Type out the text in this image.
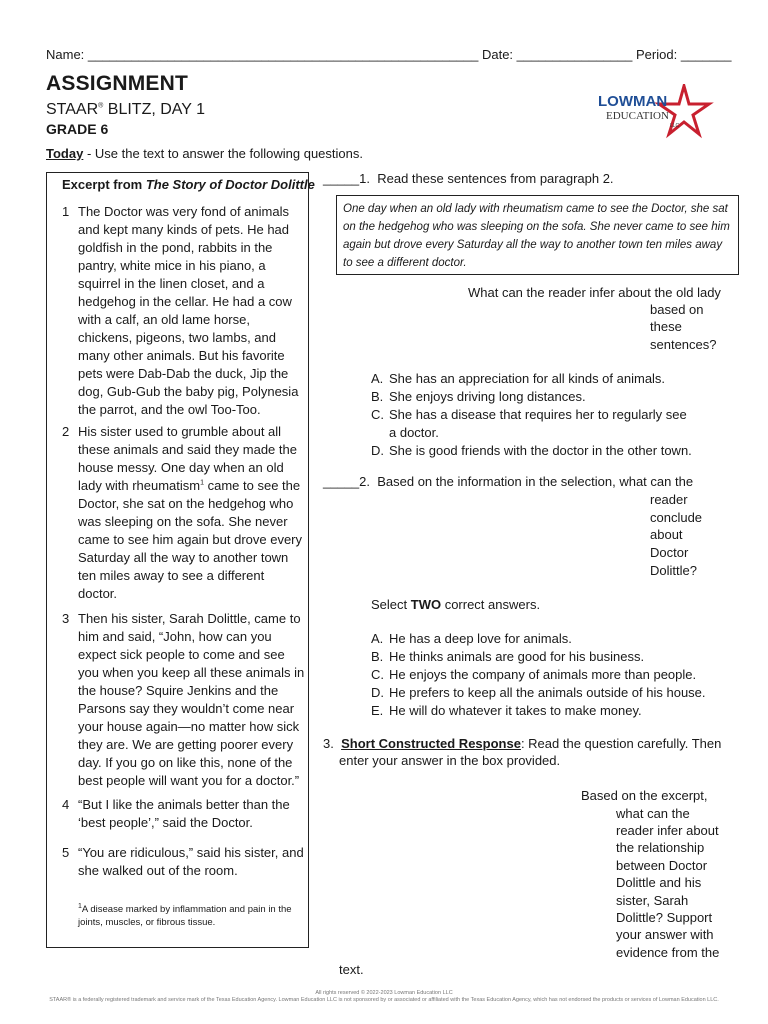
Name: ______________________________________________________ Date: ________________ Period: _______
ASSIGNMENT
STAAR® BLITZ, DAY 1
GRADE 6
Today - Use the text to answer the following questions.
LOWMAN
EDUCATION
LLC
Excerpt from The Story of Doctor Dolittle
1 The Doctor was very fond of animals and kept many kinds of pets. He had goldfish in the pond, rabbits in the pantry, white mice in his piano, a squirrel in the linen closet, and a hedgehog in the cellar. He had a cow with a calf, an old lame horse, chickens, pigeons, two lambs, and many other animals. But his favorite pets were Dab-Dab the duck, Jip the dog, Gub-Gub the baby pig, Polynesia the parrot, and the owl Too-Too.
2 His sister used to grumble about all these animals and said they made the house messy. One day when an old lady with rheumatism$^1$ came to see the Doctor, she sat on the hedgehog who was sleeping on the sofa. She never came to see him again but drove every Saturday all the way to another town ten miles away to see a different doctor.
3 Then his sister, Sarah Dolittle, came to him and said, “John, how can you expect sick people to come and see you when you keep all these animals in the house? Squire Jenkins and the Parsons say they wouldn’t come near your house again—no matter how sick they are. We are getting poorer every day. If you go on like this, none of the best people will want you for a doctor.”
4 “But I like the animals better than the ‘best people’,” said the Doctor.
5 “You are ridiculous,” said his sister, and she walked out of the room.
$^1$A disease marked by inflammation and pain in the joints, muscles, or fibrous tissue.
_____1. Read these sentences from paragraph 2.
One day when an old lady with rheumatism came to see the Doctor, she sat on the hedgehog who was sleeping on the sofa. She never came to see him again but drove every Saturday all the way to another town ten miles away to see a different doctor.
What can the reader infer about the old lady
based on
these
sentences?
A. She has an appreciation for all kinds of animals.
B. She enjoys driving long distances.
C. She has a disease that requires her to regularly see a doctor.
D. She is good friends with the doctor in the other town.
_____2. Based on the information in the selection, what can the
reader
conclude
about
Doctor
Dolittle?
Select TWO correct answers.
A. He has a deep love for animals.
B. He thinks animals are good for his business.
C. He enjoys the company of animals more than people.
D. He prefers to keep all the animals outside of his house.
E. He will do whatever it takes to make money.
3. Short Constructed Response: Read the question carefully. Then
enter your answer in the box provided.
Based on the excerpt,
what can the
reader infer about
the relationship
between Doctor
Dolittle and his
sister, Sarah
Dolittle? Support
your answer with
evidence from the
text.
All rights reserved © 2022-2023 Lowman Education LLC
STAAR® is a federally registered trademark and service mark of the Texas Education Agency. Lowman Education LLC is not sponsored by or associated or affiliated with the Texas Education Agency, which has not endorsed the products or services of Lowman Education LLC.
